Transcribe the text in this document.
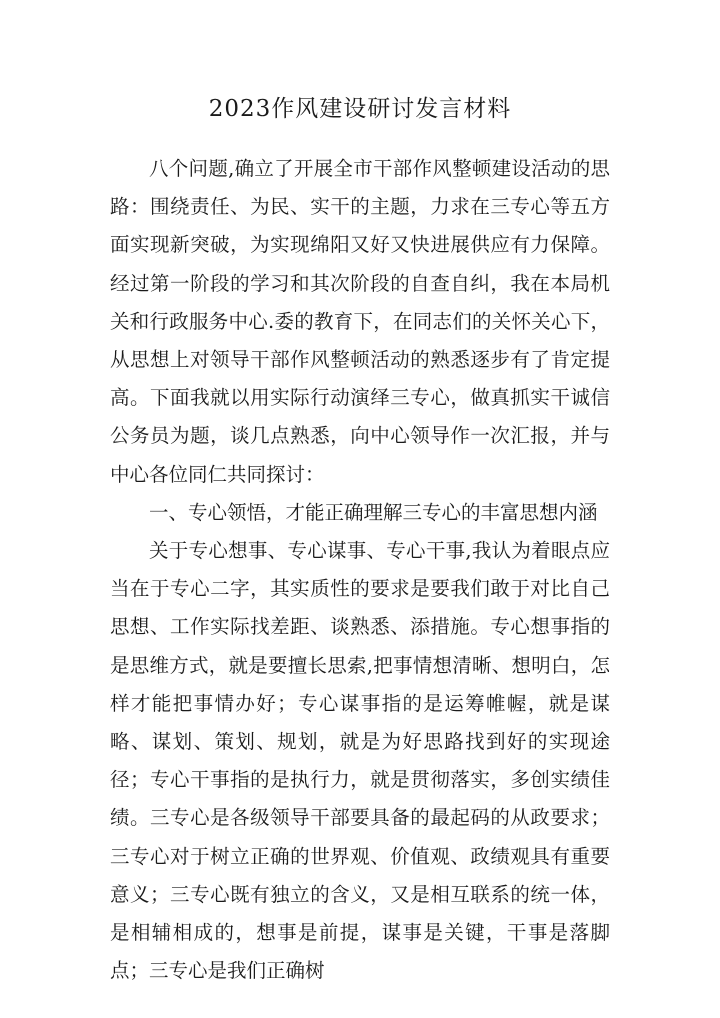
2023作风建设研讨发言材料

八个问题,确立了开展全市干部作风整顿建设活动的思路：围绕责任、为民、实干的主题，力求在三专心等五方面实现新突破，为实现绵阳又好又快进展供应有力保障。经过第一阶段的学习和其次阶段的自查自纠，我在本局机关和行政服务中心.委的教育下，在同志们的关怀关心下，从思想上对领导干部作风整顿活动的熟悉逐步有了肯定提高。下面我就以用实际行动演绎三专心，做真抓实干诚信公务员为题，谈几点熟悉，向中心领导作一次汇报，并与中心各位同仁共同探讨：

一、专心领悟，才能正确理解三专心的丰富思想内涵

关于专心想事、专心谋事、专心干事,我认为着眼点应当在于专心二字，其实质性的要求是要我们敢于对比自己思想、工作实际找差距、谈熟悉、添措施。专心想事指的是思维方式，就是要擅长思索,把事情想清晰、想明白，怎样才能把事情办好；专心谋事指的是运筹帷幄，就是谋略、谋划、策划、规划，就是为好思路找到好的实现途径；专心干事指的是执行力，就是贯彻落实，多创实绩佳绩。三专心是各级领导干部要具备的最起码的从政要求；三专心对于树立正确的世界观、价值观、政绩观具有重要意义；三专心既有独立的含义，又是相互联系的统一体，是相辅相成的，想事是前提，谋事是关键，干事是落脚点；三专心是我们正确树
